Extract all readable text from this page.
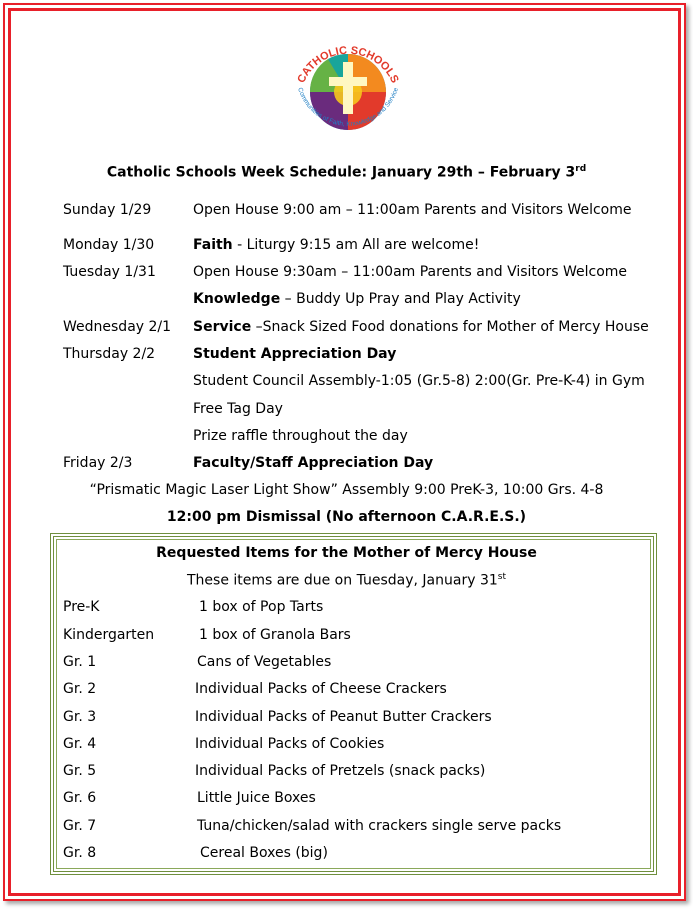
CATHOLIC SCHOOLS
Communities of Faith, Knowledge and Service
Catholic Schools Week Schedule: January 29th – February 3rd
Sunday 1/29	Open House 9:00 am – 11:00am Parents and Visitors Welcome
Monday 1/30	Faith - Liturgy 9:15 am All are welcome!
Tuesday 1/31	Open House 9:30am – 11:00am Parents and Visitors Welcome
Knowledge – Buddy Up Pray and Play Activity
Wednesday 2/1 Service –Snack Sized Food donations for Mother of Mercy House
Thursday 2/2	Student Appreciation Day
Student Council Assembly-1:05 (Gr.5-8) 2:00(Gr. Pre-K-4) in Gym
Free Tag Day
Prize raffle throughout the day
Friday 2/3	Faculty/Staff Appreciation Day
“Prismatic Magic Laser Light Show” Assembly 9:00 PreK-3, 10:00 Grs. 4-8
12:00 pm Dismissal (No afternoon C.A.R.E.S.)
Requested Items for the Mother of Mercy House
These items are due on Tuesday, January 31st
Pre-K	1 box of Pop Tarts
Kindergarten	1 box of Granola Bars
Gr. 1	Cans of Vegetables
Gr. 2	Individual Packs of Cheese Crackers
Gr. 3	Individual Packs of Peanut Butter Crackers
Gr. 4	Individual Packs of Cookies
Gr. 5	Individual Packs of Pretzels (snack packs)
Gr. 6	Little Juice Boxes
Gr. 7	Tuna/chicken/salad with crackers single serve packs
Gr. 8	Cereal Boxes (big)
